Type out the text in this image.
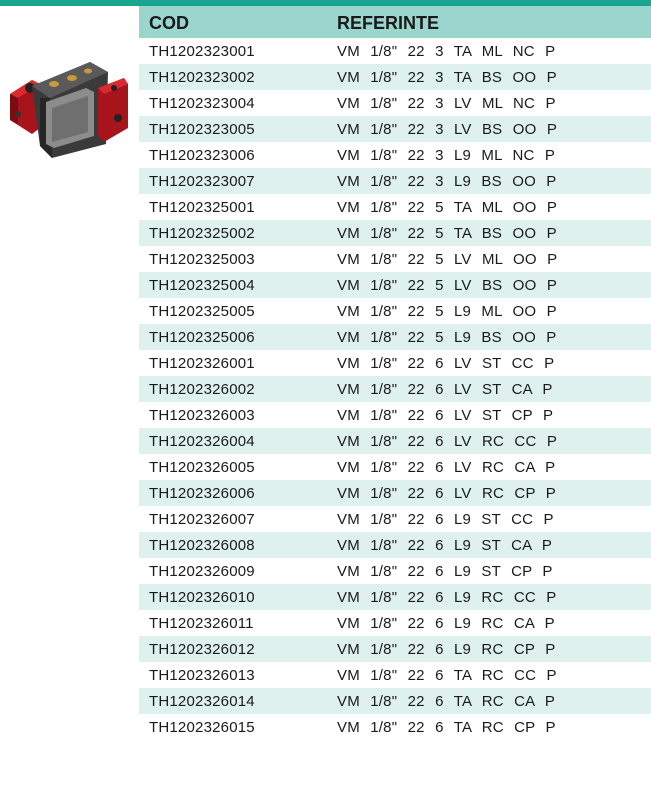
COD	REFERINTE
TH1202323001	VM 1/8" 22 3 TA ML NC P
TH1202323002	VM 1/8" 22 3 TA BS OO P
TH1202323004	VM 1/8" 22 3 LV ML NC P
TH1202323005	VM 1/8" 22 3 LV BS OO P
TH1202323006	VM 1/8" 22 3 L9 ML NC P
TH1202323007	VM 1/8" 22 3 L9 BS OO P
TH1202325001	VM 1/8" 22 5 TA ML OO P
TH1202325002	VM 1/8" 22 5 TA BS OO P
TH1202325003	VM 1/8" 22 5 LV ML OO P
TH1202325004	VM 1/8" 22 5 LV BS OO P
TH1202325005	VM 1/8" 22 5 L9 ML OO P
TH1202325006	VM 1/8" 22 5 L9 BS OO P
TH1202326001	VM 1/8" 22 6 LV ST CC P
TH1202326002	VM 1/8" 22 6 LV ST CA P
TH1202326003	VM 1/8" 22 6 LV ST CP P
TH1202326004	VM 1/8" 22 6 LV RC CC P
TH1202326005	VM 1/8" 22 6 LV RC CA P
TH1202326006	VM 1/8" 22 6 LV RC CP P
TH1202326007	VM 1/8" 22 6 L9 ST CC P
TH1202326008	VM 1/8" 22 6 L9 ST CA P
TH1202326009	VM 1/8" 22 6 L9 ST CP P
TH1202326010	VM 1/8" 22 6 L9 RC CC P
TH1202326011	VM 1/8" 22 6 L9 RC CA P
TH1202326012	VM 1/8" 22 6 L9 RC CP P
TH1202326013	VM 1/8" 22 6 TA RC CC P
TH1202326014	VM 1/8" 22 6 TA RC CA P
TH1202326015	VM 1/8" 22 6 TA RC CP P
